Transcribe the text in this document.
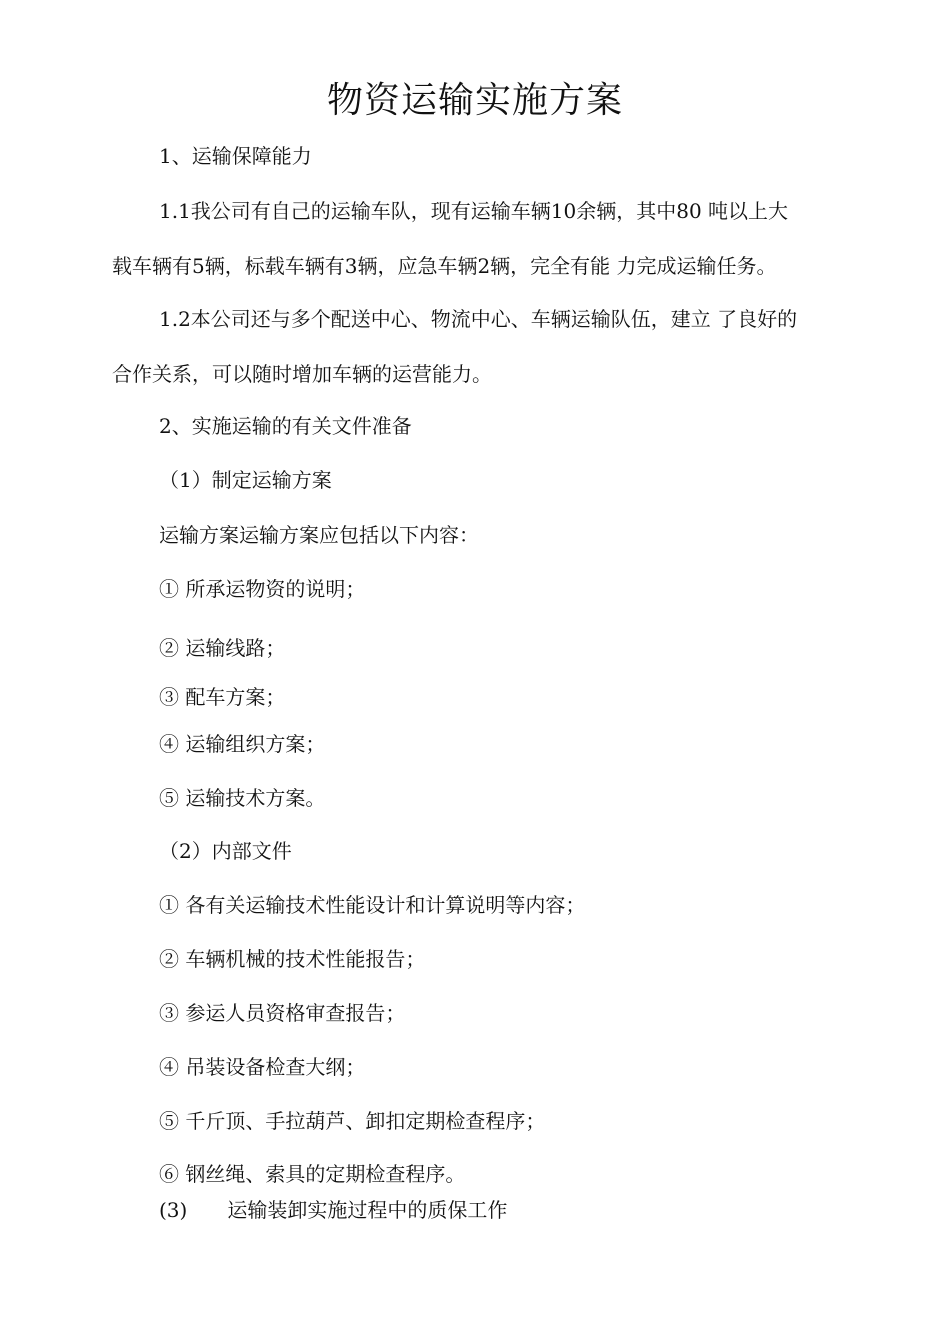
物资运输实施方案

1、运输保障能力

1.1我公司有自己的运输车队，现有运输车辆10余辆，其中80 吨以上大

载车辆有5辆，标载车辆有3辆，应急车辆2辆，完全有能 力完成运输任务。

1.2本公司还与多个配送中心、物流中心、车辆运输队伍，建立 了良好的

合作关系，可以随时增加车辆的运营能力。

2、实施运输的有关文件准备

（1）制定运输方案

运输方案运输方案应包括以下内容：

① 所承运物资的说明；

② 运输线路；

③ 配车方案；

④ 运输组织方案；

⑤ 运输技术方案。

（2）内部文件

① 各有关运输技术性能设计和计算说明等内容；

② 车辆机械的技术性能报告；

③ 参运人员资格审查报告；

④ 吊装设备检查大纲；

⑤ 千斤顶、手拉葫芦、卸扣定期检查程序；

⑥ 钢丝绳、索具的定期检查程序。

(3) 运输装卸实施过程中的质保工作
